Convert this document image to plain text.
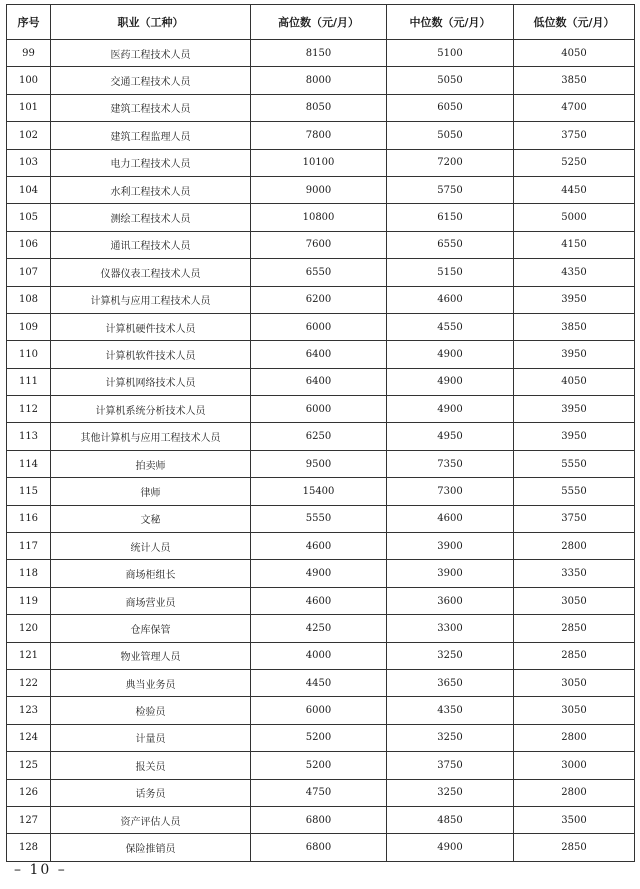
序号	职业（工种）	高位数（元/月）	中位数（元/月）	低位数（元/月）
99	医药工程技术人员	8150	5100	4050
100	交通工程技术人员	8000	5050	3850
101	建筑工程技术人员	8050	6050	4700
102	建筑工程监理人员	7800	5050	3750
103	电力工程技术人员	10100	7200	5250
104	水利工程技术人员	9000	5750	4450
105	测绘工程技术人员	10800	6150	5000
106	通讯工程技术人员	7600	6550	4150
107	仪器仪表工程技术人员	6550	5150	4350
108	计算机与应用工程技术人员	6200	4600	3950
109	计算机硬件技术人员	6000	4550	3850
110	计算机软件技术人员	6400	4900	3950
111	计算机网络技术人员	6400	4900	4050
112	计算机系统分析技术人员	6000	4900	3950
113	其他计算机与应用工程技术人员	6250	4950	3950
114	拍卖师	9500	7350	5550
115	律师	15400	7300	5550
116	文秘	5550	4600	3750
117	统计人员	4600	3900	2800
118	商场柜组长	4900	3900	3350
119	商场营业员	4600	3600	3050
120	仓库保管	4250	3300	2850
121	物业管理人员	4000	3250	2850
122	典当业务员	4450	3650	3050
123	检验员	6000	4350	3050
124	计量员	5200	3250	2800
125	报关员	5200	3750	3000
126	话务员	4750	3250	2800
127	资产评估人员	6800	4850	3500
128	保险推销员	6800	4900	2850
– 10 –
